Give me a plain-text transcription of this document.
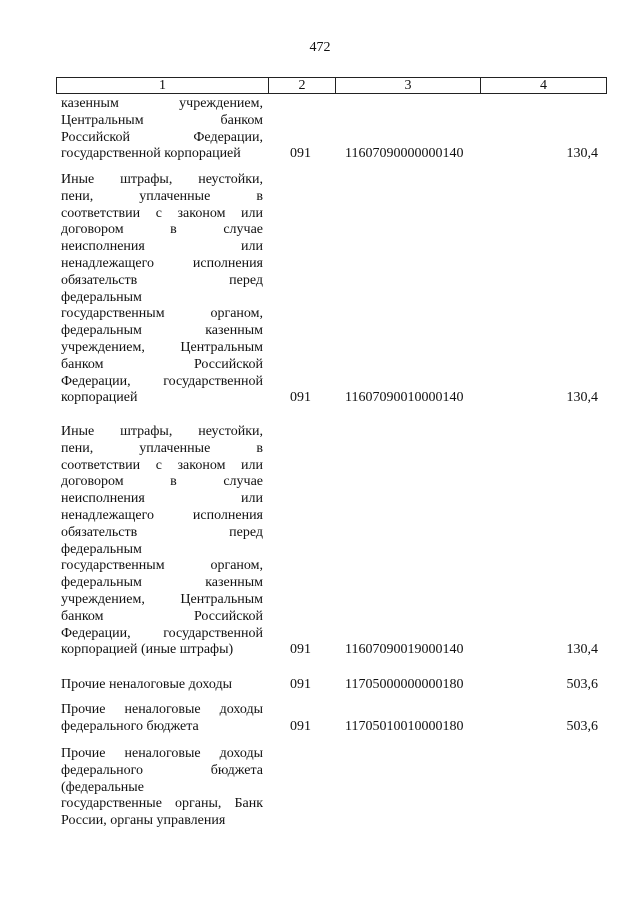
472
1	2	3	4
казенным учреждением,
Центральным банком
Российской Федерации,
государственной корпорацией	091 11607090000000140	130,4
Иные штрафы, неустойки,
пени, уплаченные в
соответствии с законом или
договором в случае
неисполнения или
ненадлежащего исполнения
обязательств перед
федеральным
государственным органом,
федеральным казенным
учреждением, Центральным
банком Российской
Федерации, государственной
корпорацией	091 11607090010000140	130,4
Иные штрафы, неустойки,
пени, уплаченные в
соответствии с законом или
договором в случае
неисполнения или
ненадлежащего исполнения
обязательств перед
федеральным
государственным органом,
федеральным казенным
учреждением, Центральным
банком Российской
Федерации, государственной
корпорацией (иные штрафы)	091 11607090019000140	130,4
Прочие неналоговые доходы	091 11705000000000180	503,6
Прочие неналоговые доходы
федерального бюджета	091 11705010010000180	503,6
Прочие неналоговые доходы
федерального бюджета
(федеральные
государственные органы, Банк
России, органы управления
